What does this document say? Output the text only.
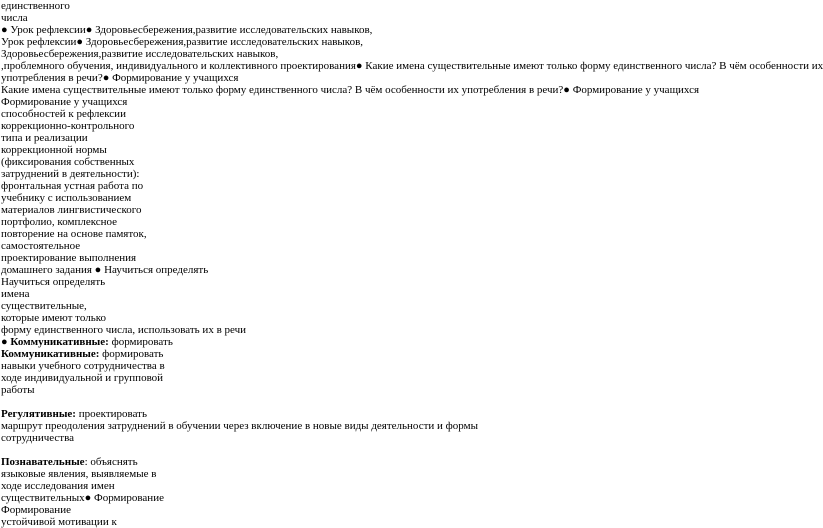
единственного
числа
● Урок рефлексии● Здоровьесбережения,развитие исследовательских навыков,
Урок рефлексии● Здоровьесбережения,развитие исследовательских навыков,
Здоровьесбережения,развитие исследовательских навыков,
,проблемного обучения, индивидуального и коллективного проектирования● Какие имена существительные имеют только форму единственного числа? В чём особенности их
употребления в речи?● Формирование у учащихся
Какие имена существительные имеют только форму единственного числа? В чём особенности их употребления в речи?● Формирование у учащихся
Формирование у учащихся
способностей к рефлексии
коррекционно-контрольного
типа и реализации
коррекционной нормы
(фиксирования собственных
затруднений в деятельности):
фронтальная устная работа по
учебнику с использованием
материалов лингвистического
портфолио, комплексное
повторение на основе памяток,
самостоятельное
проектирование выполнения
домашнего задания ● Научиться определять
Научиться определять
имена
существительные,
которые имеют только
форму единственного числа, использовать их в речи
● Коммуникативные: формировать
Коммуникативные: формировать
навыки учебного сотрудничества в
ходе индивидуальной и групповой
работы
Регулятивные: проектировать
маршрут преодоления затруднений в обучении через включение в новые виды деятельности и формы
сотрудничества
Познавательные: объяснять
языковые явления, выявляемые в
ходе исследования имен
существительных● Формирование
Формирование
устойчивой мотивации к
